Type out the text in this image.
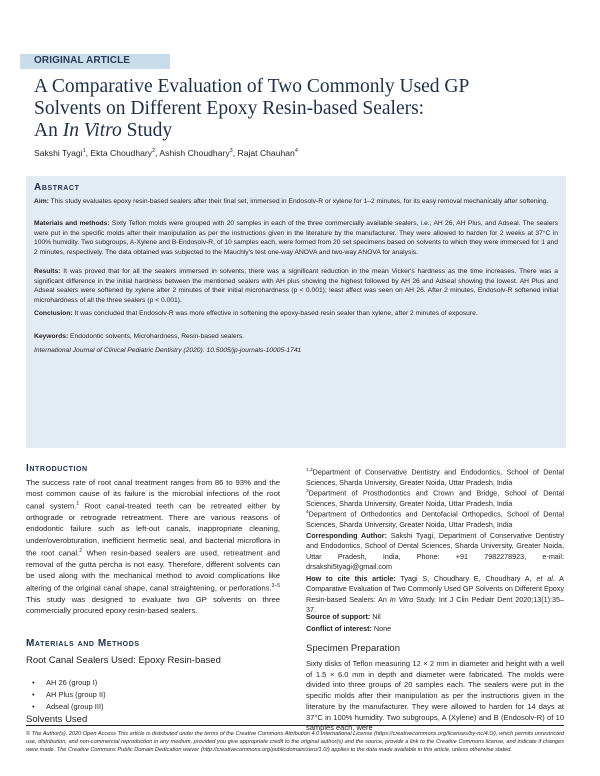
ORIGINAL ARTICLE
A Comparative Evaluation of Two Commonly Used GP
Solvents on Different Epoxy Resin-based Sealers:
An In Vitro Study
Sakshi Tyagi$^1$, Ekta Choudhary$^2$, Ashish Choudhary$^3$, Rajat Chauhan$^4$
Abstract
Aim: This study evaluates epoxy resin-based sealers after their final set, immersed in Endosolv-R or xylene for 1–2 minutes, for its easy removal mechanically after softening.
Materials and methods: Sixty Teflon molds were grouped with 20 samples in each of the three commercially available sealers, i.e., AH 26, AH Plus, and Adseal. The sealers were put in the specific molds after their manipulation as per the instructions given in the literature by the manufacturer. They were allowed to harden for 2 weeks at 37°C in 100% humidity. Two subgroups, A-Xylene and B-Endosolv-R, of 10 samples each, were formed from 20 set specimens based on solvents to which they were immersed for 1 and 2 minutes, respectively. The data obtained was subjected to the Mauchly's test one-way ANOVA and two-way ANOVA for analysis.
Results: It was proved that for all the sealers immersed in solvents, there was a significant reduction in the mean Vicker's hardness as the time increases. There was a significant difference in the initial hardness between the mentioned sealers with AH plus showing the highest followed by AH 26 and Adseal showing the lowest. AH Plus and Adseal sealers were softened by xylene after 2 minutes of their initial microhardness (p < 0.001); least affect was seen on AH 26. After 2 minutes, Endosolv-R softened initial microhardness of all the three sealers (p < 0.001).
Conclusion: It was concluded that Endosolv-R was more effective in softening the epoxy-based resin sealer than xylene, after 2 minutes of exposure.
Keywords: Endodontic solvents, Microhardness, Resin-based sealers.
International Journal of Clinical Pediatric Dentistry (2020): 10.5005/jp-journals-10005-1741
Introduction
The success rate of root canal treatment ranges from 86 to 93% and the most common cause of its failure is the microbial infections of the root canal system.$^1$ Root canal-treated teeth can be retreated either by orthograde or retrograde retreatment. There are various reasons of endodontic failure such as left-out canals, inappropriate cleaning, under/overobturation, inefficient hermetic seal, and bacterial microflora in the root canal.$^2$ When resin-based sealers are used, retreatment and removal of the gutta percha is not easy. Therefore, different solvents can be used along with the mechanical method to avoid complications like altering of the original canal shape, canal straightening, or perforations.$^{3-5}$ This study was designed to evaluate two GP solvents on three commercially procured epoxy resin-based sealers.
Materials and Methods
Root Canal Sealers Used: Epoxy Resin-based
• AH 26 (group I)
• AH Plus (group II)
• Adseal (group III)
Solvents Used
$^{1,2}$Department of Conservative Dentistry and Endodontics, School of Dental Sciences, Sharda University, Greater Noida, Uttar Pradesh, India
$^3$Department of Prosthodontics and Crown and Bridge, School of Dental Sciences, Sharda University, Greater Noida, Uttar Pradesh, India
$^4$Department of Orthodontics and Dentofacial Orthopedics, School of Dental Sciences, Sharda University, Greater Noida, Uttar Pradesh, India
Corresponding Author: Sakshi Tyagi, Department of Conservative Dentistry and Endodontics, School of Dental Sciences, Sharda University, Greater Noida, Uttar Pradesh, India, Phone: +91 7982278923, e-mail: drsakshi5tyagi@gmail.com
How to cite this article: Tyagi S, Choudhary E, Choudhary A, et al. A Comparative Evaluation of Two Commonly Used GP Solvents on Different Epoxy Resin-based Sealers: An In Vitro Study. Int J Clin Pediatr Dent 2020;13(1):35–37.
Source of support: Nil
Conflict of interest: None
Specimen Preparation
Sixty disks of Teflon measuring 12 × 2 mm in diameter and height with a well of 1.5 × 6.0 mm in depth and diameter were fabricated. The molds were divided into three groups of 20 samples each. The sealers were put in the specific molds after their manipulation as per the instructions given in the literature by the manufacturer. They were allowed to harden for 14 days at 37°C in 100% humidity. Two subgroups, A (Xylene) and B (Endosolv-R) of 10 samples each, were
© The Author(s). 2020 Open Access This article is distributed under the terms of the Creative Commons Attribution 4.0 International License (https://creativecommons.org/licenses/by-nc/4.0/), which permits unrestricted use, distribution, and non-commercial reproduction in any medium, provided you give appropriate credit to the original author(s) and the source, provide a link to the Creative Commons license, and indicate if changes were made. The Creative Commons Public Domain Dedication waiver (http://creativecommons.org/publicdomain/zero/1.0/) applies to the data made available in this article, unless otherwise stated.
